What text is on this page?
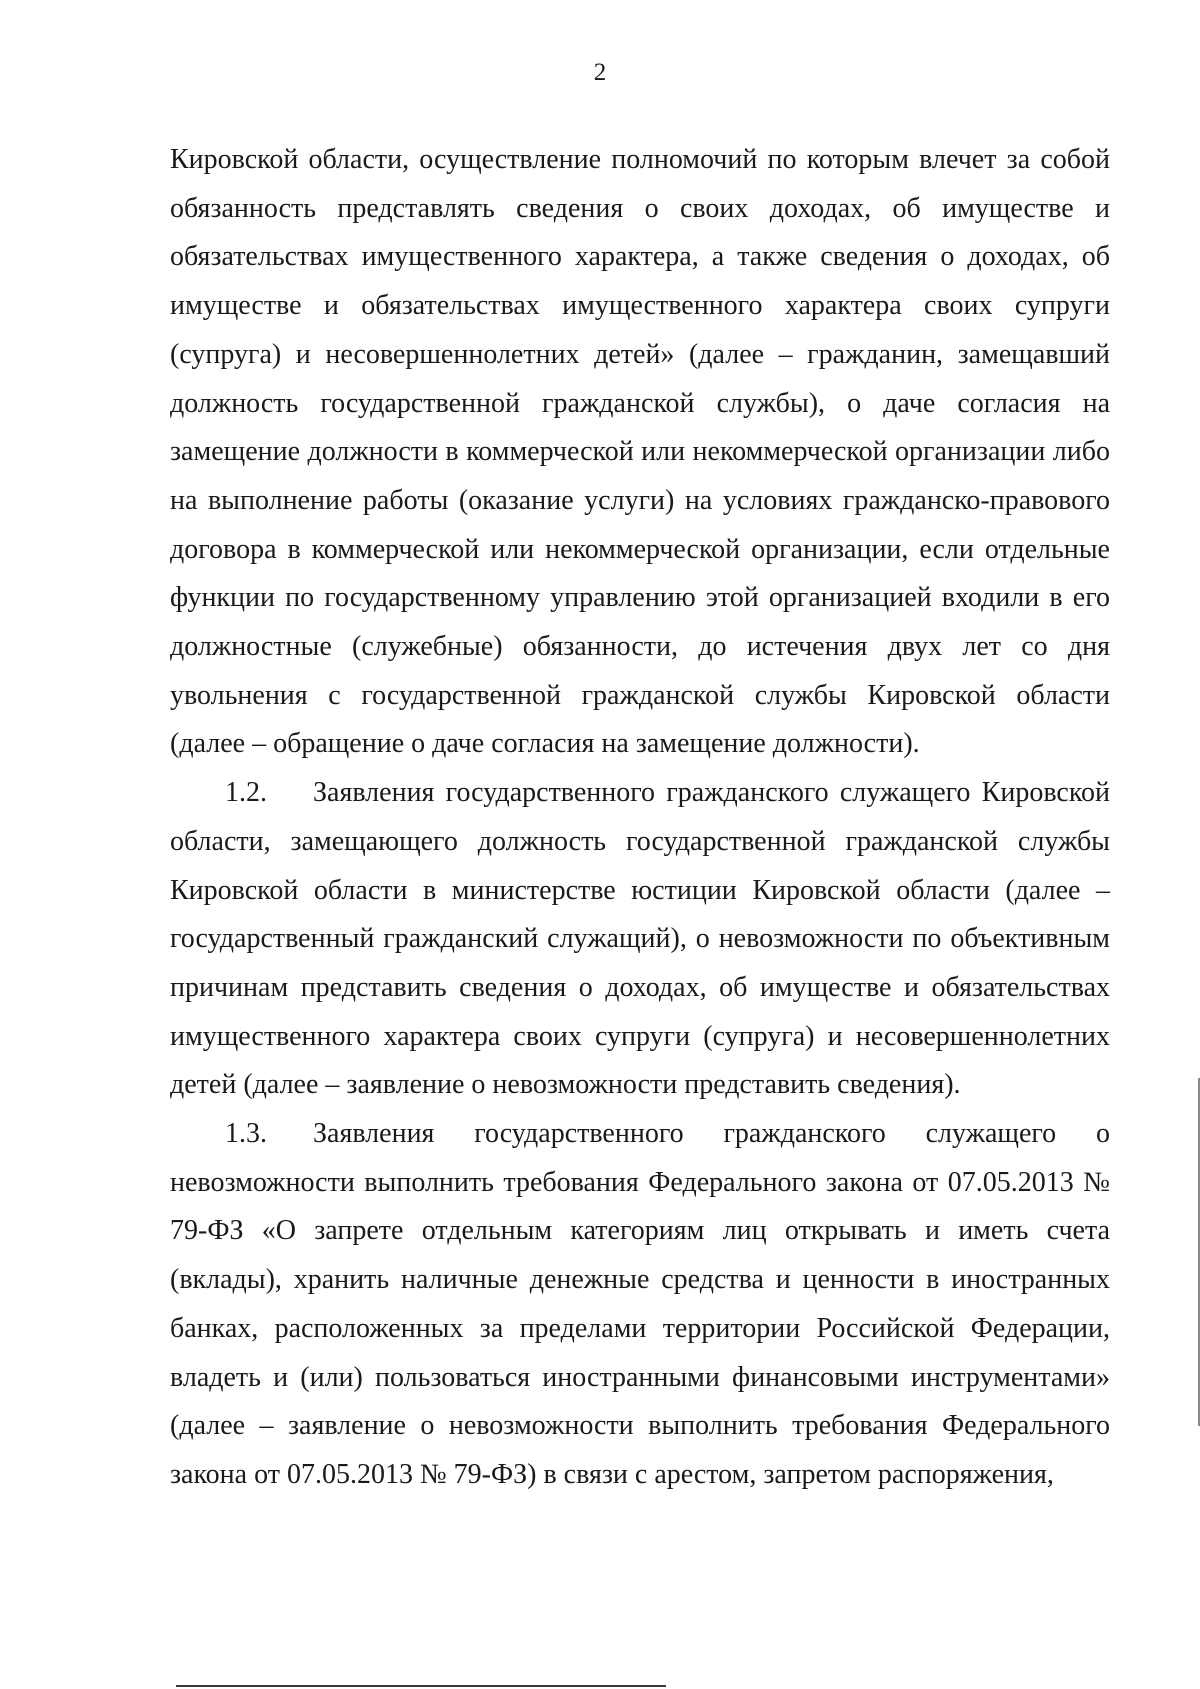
2

Кировской области, осуществление полномочий по которым влечет за собой обязанность представлять сведения о своих доходах, об имуществе и обязательствах имущественного характера, а также сведения о доходах, об имуществе и обязательствах имущественного характера своих супруги (супруга) и несовершеннолетних детей» (далее – гражданин, замещавший должность государственной гражданской службы), о даче согласия на замещение должности в коммерческой или некоммерческой организации либо на выполнение работы (оказание услуги) на условиях гражданско-правового договора в коммерческой или некоммерческой организации, если отдельные функции по государственному управлению этой организацией входили в его должностные (служебные) обязанности, до истечения двух лет со дня увольнения с государственной гражданской службы Кировской области (далее – обращение о даче согласия на замещение должности).

1.2. Заявления государственного гражданского служащего Кировской области, замещающего должность государственной гражданской службы Кировской области в министерстве юстиции Кировской области (далее – государственный гражданский служащий), о невозможности по объективным причинам представить сведения о доходах, об имуществе и обязательствах имущественного характера своих супруги (супруга) и несовершеннолетних детей (далее – заявление о невозможности представить сведения).

1.3. Заявления государственного гражданского служащего о невозможности выполнить требования Федерального закона от 07.05.2013 № 79-ФЗ «О запрете отдельным категориям лиц открывать и иметь счета (вклады), хранить наличные денежные средства и ценности в иностранных банках, расположенных за пределами территории Российской Федерации, владеть и (или) пользоваться иностранными финансовыми инструментами» (далее – заявление о невозможности выполнить требования Федерального закона от 07.05.2013 № 79-ФЗ) в связи с арестом, запретом распоряжения,
